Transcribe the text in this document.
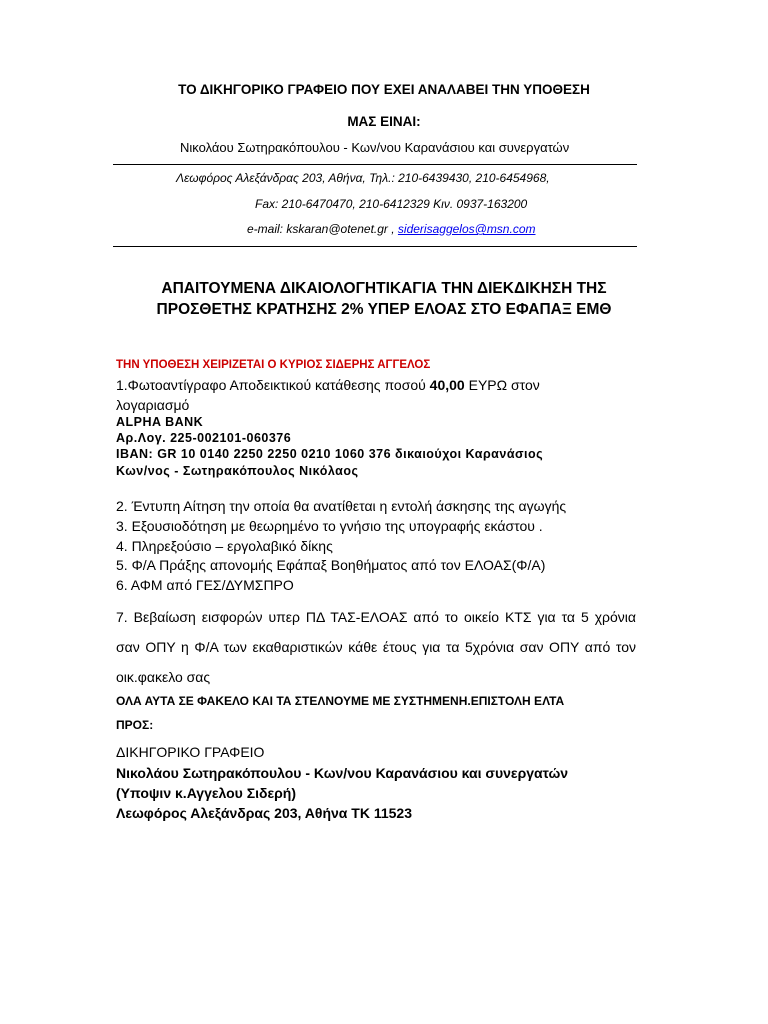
ΤΟ ΔΙΚΗΓΟΡΙΚΟ ΓΡΑΦΕΙΟ ΠΟΥ ΕΧΕΙ ΑΝΑΛΑΒΕΙ ΤΗΝ ΥΠΟΘΕΣΗ
ΜΑΣ ΕΙΝΑΙ:
Νικολάου Σωτηρακόπουλου - Κων/νου Καρανάσιου και συνεργατών
Λεωφόρος Αλεξάνδρας 203, Αθήνα, Τηλ.: 210-6439430, 210-6454968,
Fax: 210-6470470, 210-6412329 Κιν. 0937-163200
e-mail: kskaran@otenet.gr , siderisaggelos@msn.com
ΑΠΑΙΤΟΥΜΕΝΑ ΔΙΚΑΙΟΛΟΓΗΤΙΚΑΓΙΑ ΤΗΝ ΔΙΕΚΔΙΚΗΣΗ ΤΗΣ ΠΡΟΣΘΕΤΗΣ ΚΡΑΤΗΣΗΣ 2% ΥΠΕΡ ΕΛΟΑΣ ΣΤΟ ΕΦΑΠΑΞ ΕΜΘ
ΤΗΝ ΥΠΟΘΕΣΗ ΧΕΙΡΙΖΕΤΑΙ Ο ΚΥΡΙΟΣ ΣΙΔΕΡΗΣ ΑΓΓΕΛΟΣ
1.Φωτοαντίγραφο Αποδεικτικού κατάθεσης ποσού 40,00 ΕΥΡΩ στον
λογαριασμό
ALPHA BANK
Αρ.Λογ. 225-002101-060376
IBAN: GR 10 0140 2250 2250 0210 1060 376 δικαιούχοι Καρανάσιος
Κων/νος - Σωτηρακόπουλος Νικόλαος
2. Έντυπη Αίτηση την οποία θα ανατίθεται η εντολή άσκησης της αγωγής
3. Εξουσιοδότηση με θεωρημένο το γνήσιο της υπογραφής εκάστου .
4. Πληρεξούσιο – εργολαβικό δίκης
5. Φ/Α Πράξης απονομής Εφάπαξ Βοηθήματος από τον ΕΛΟΑΣ(Φ/Α)
6. ΑΦΜ από ΓΕΣ/ΔΥΜΣΠΡΟ
7. Βεβαίωση εισφορών υπερ ΠΔ ΤΑΣ-ΕΛΟΑΣ από το οικείο ΚΤΣ για τα 5 χρόνια σαν ΟΠΥ η Φ/Α των εκαθαριστικών κάθε έτους για τα 5χρόνια σαν ΟΠΥ από τον οικ.φακελο σας
ΟΛΑ ΑΥΤΑ ΣΕ ΦΑΚΕΛΟ ΚΑΙ ΤΑ ΣΤΕΛΝΟΥΜΕ ΜΕ ΣΥΣΤΗΜΕΝΗ.ΕΠΙΣΤΟΛΗ ΕΛΤΑ
ΠΡΟΣ:
ΔΙΚΗΓΟΡΙΚΟ ΓΡΑΦΕΙΟ
Νικολάου Σωτηρακόπουλου - Κων/νου Καρανάσιου και συνεργατών
(Υποψιν κ.Αγγελου Σιδερή)
Λεωφόρος Αλεξάνδρας 203, Αθήνα ΤΚ 11523
